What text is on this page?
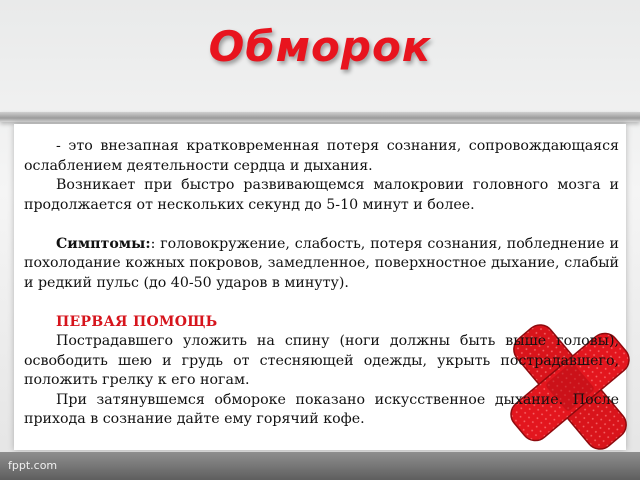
Обморок

- это внезапная кратковременная потеря сознания, сопровождающаяся ослаблением деятельности сердца и дыхания.

Возникает при быстро развивающемся малокровии головного мозга и продолжается от нескольких секунд до 5-10 минут и более.

Симптомы:: головокружение, слабость, потеря сознания, побледнение и похолодание кожных покровов, замедленное, поверхностное дыхание, слабый и редкий пульс (до 40-50 ударов в минуту).

ПЕРВАЯ ПОМОЩЬ

Пострадавшего уложить на спину (ноги должны быть выше головы), освободить шею и грудь от стесняющей одежды, укрыть пострадавшего, положить грелку к его ногам.

При затянувшемся обмороке показано искусственное дыхание. После прихода в сознание дайте ему горячий кофе.

fppt.com
